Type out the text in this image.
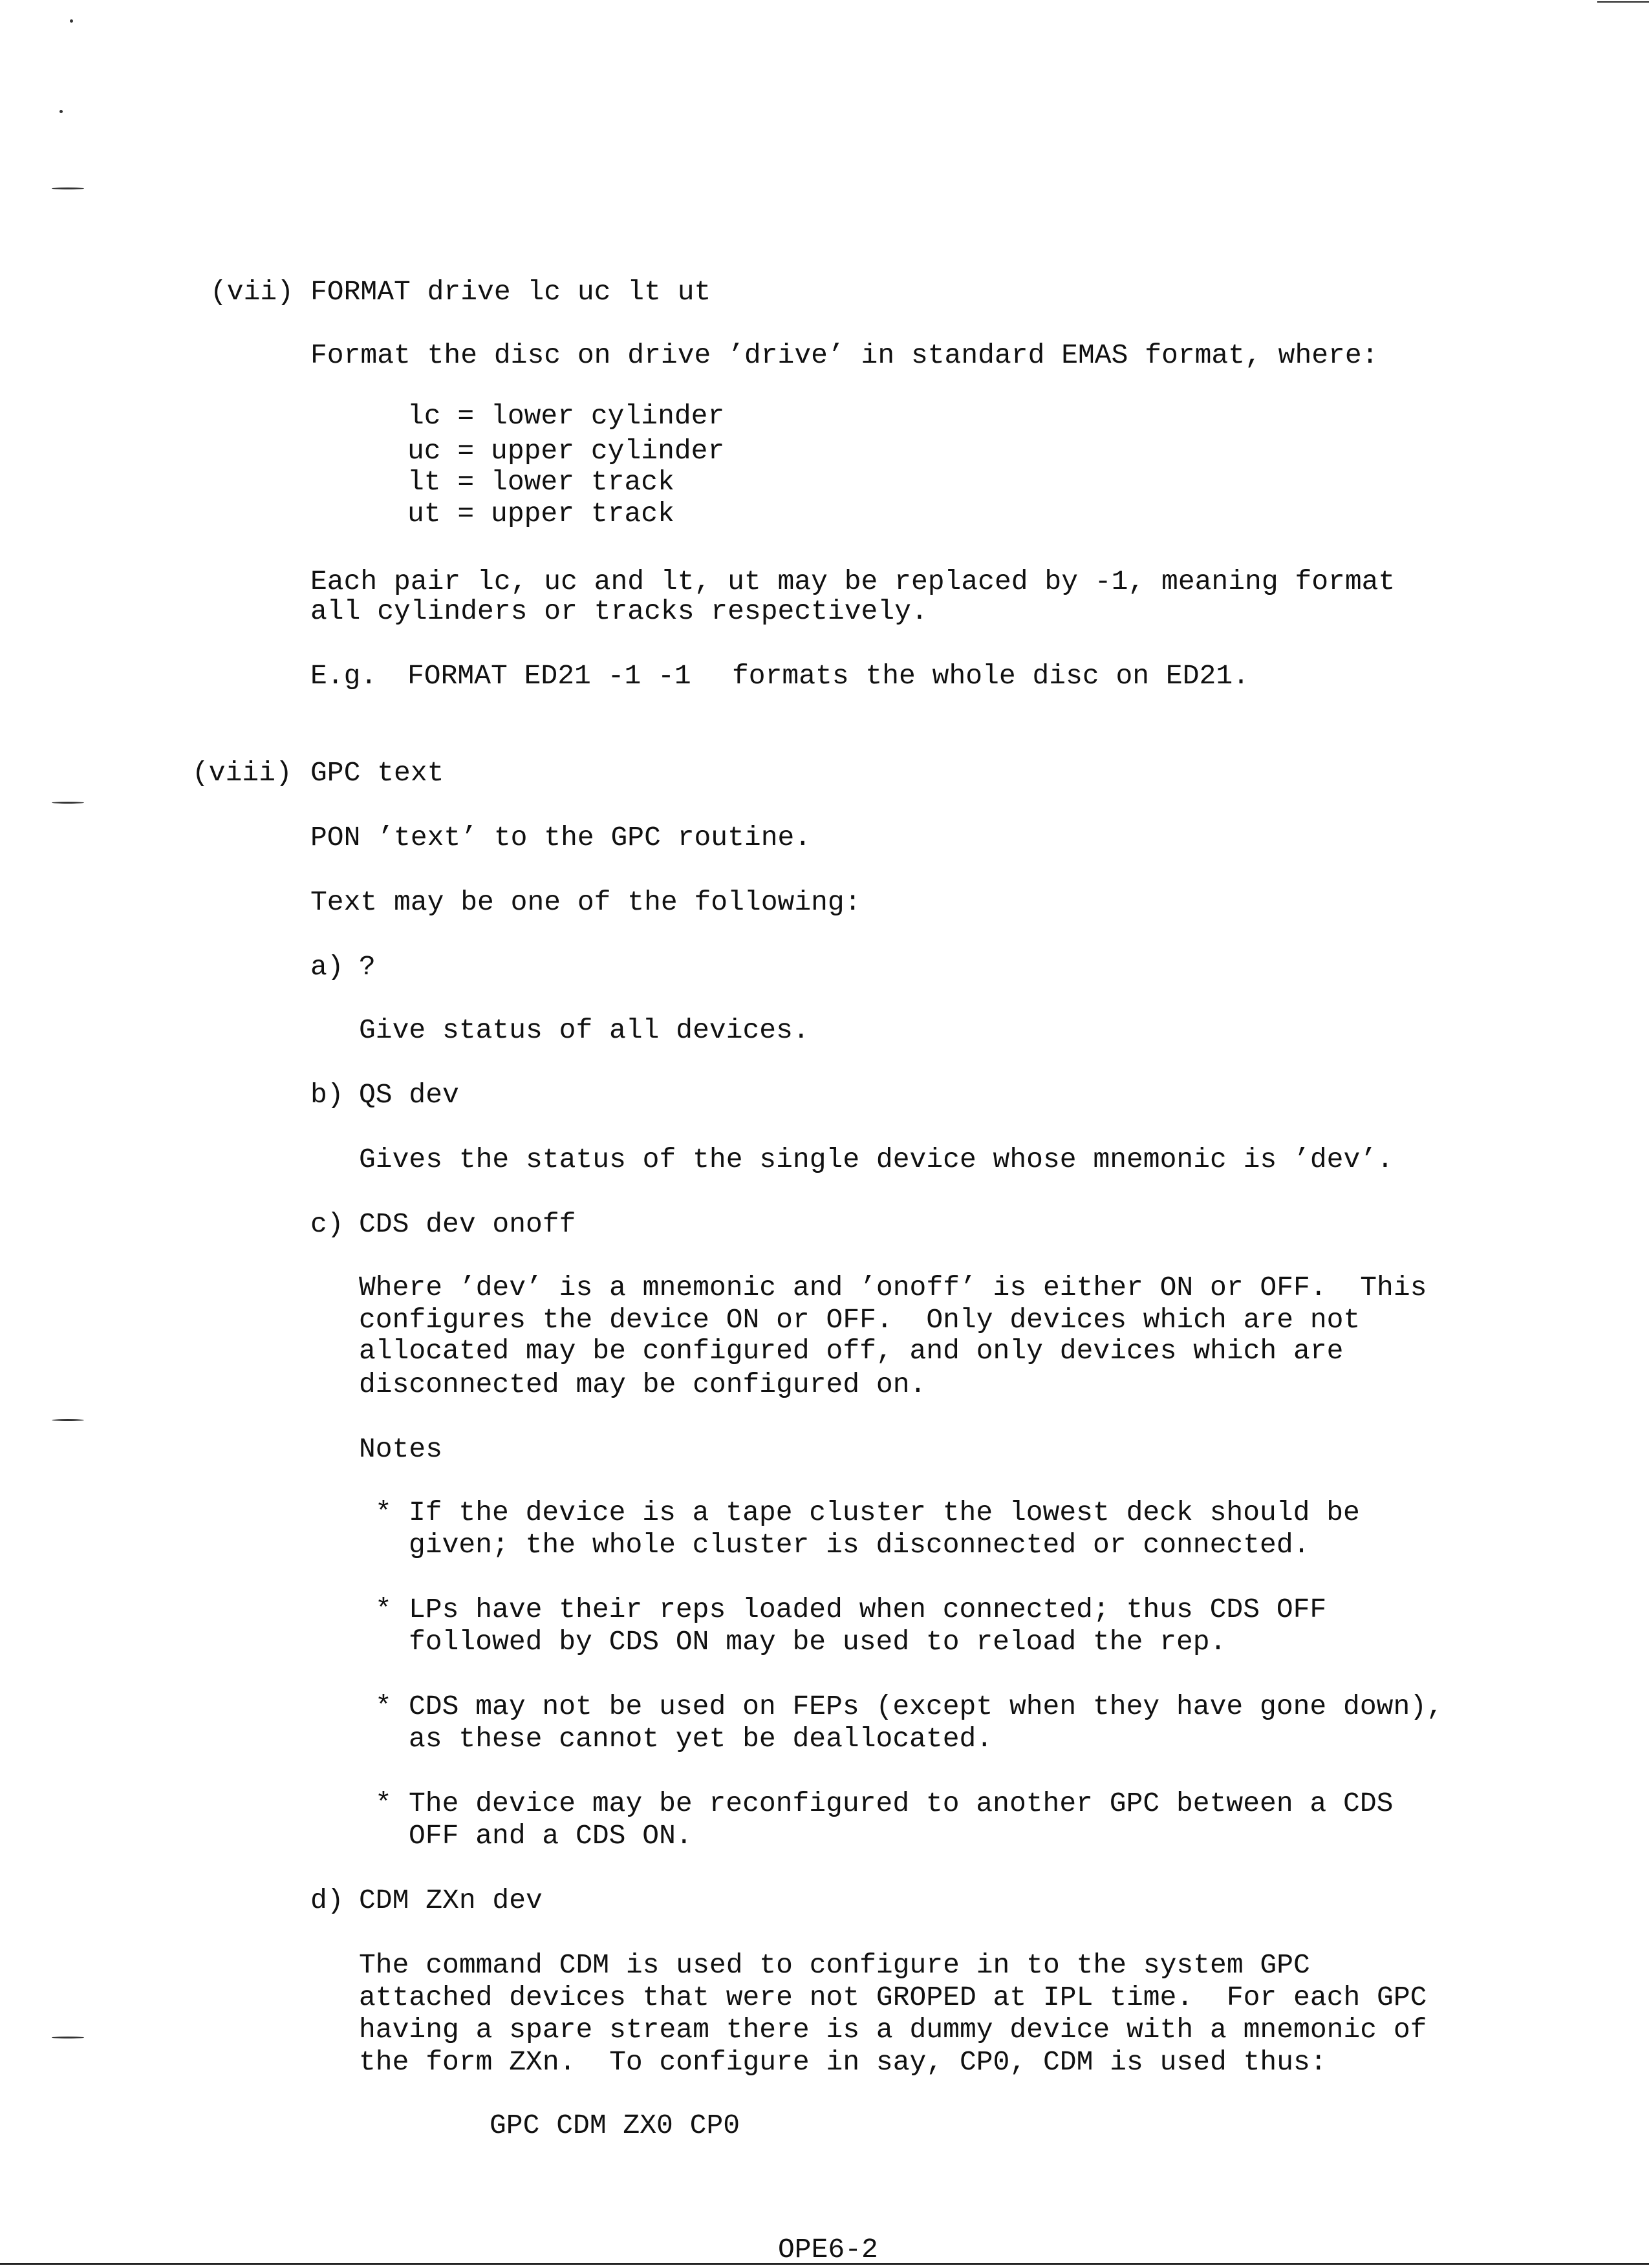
(vii) FORMAT drive lc uc lt ut
Format the disc on drive ’drive’ in standard EMAS format, where:
lc = lower cylinder
uc = upper cylinder
lt = lower track
ut = upper track
Each pair lc, uc and lt, ut may be replaced by -1, meaning format
all cylinders or tracks respectively.
E.g. FORMAT ED21 -1 -1 formats the whole disc on ED21.
(viii) GPC text
PON ’text’ to the GPC routine.
Text may be one of the following:
a) ?
Give status of all devices.
b) QS dev
Gives the status of the single device whose mnemonic is ’dev’.
c) CDS dev onoff
Where ’dev’ is a mnemonic and ’onoff’ is either ON or OFF.  This
configures the device ON or OFF.  Only devices which are not
allocated may be configured off, and only devices which are
disconnected may be configured on.
Notes
* If the device is a tape cluster the lowest deck should be
given; the whole cluster is disconnected or connected.
* LPs have their reps loaded when connected; thus CDS OFF
followed by CDS ON may be used to reload the rep.
* CDS may not be used on FEPs (except when they have gone down),
as these cannot yet be deallocated.
* The device may be reconfigured to another GPC between a CDS
OFF and a CDS ON.
d) CDM ZXn dev
The command CDM is used to configure in to the system GPC
attached devices that were not GROPED at IPL time.  For each GPC
having a spare stream there is a dummy device with a mnemonic of
the form ZXn.  To configure in say, CP0, CDM is used thus:
GPC CDM ZX0 CP0
OPE6-2
